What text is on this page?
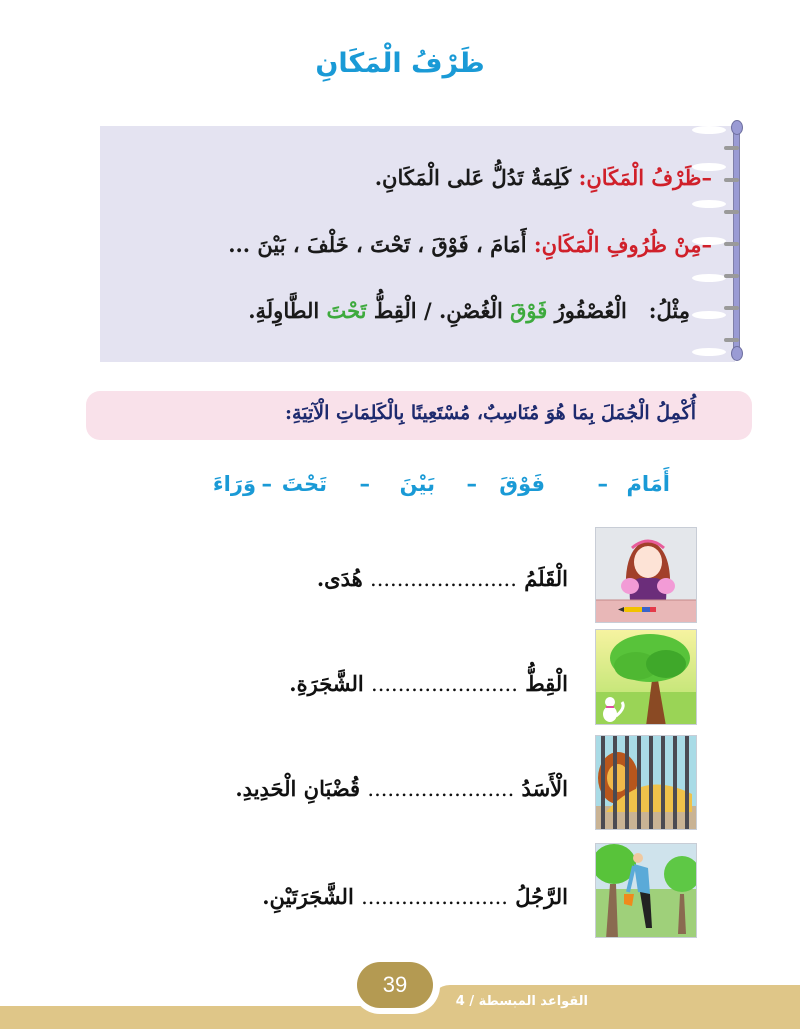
ظَرْفُ الْمَكَانِ
–ظَرْفُ الْمَكَانِ: كَلِمَةٌ تَدُلُّ عَلى الْمَكَانِ.
–مِنْ ظُرُوفِ الْمَكَانِ: أَمَامَ ، فَوْقَ ، تَحْتَ ، خَلْفَ ، بَيْنَ ...
مِثْلُ:   الْعُصْفُورُ فَوْقَ الْغُصْنِ. / الْقِطُّ تَحْتَ الطَّاوِلَةِ.
أُكْمِلُ الْجُمَلَ بِمَا هُوَ مُنَاسِبٌ، مُسْتَعِينًا بِالْكَلِمَاتِ الْآتِيَةِ:
أَمَامَ
–
فَوْقَ
–
بَيْنَ
–
تَحْتَ
–
وَرَاءَ
الْقَلَمُ ...................... هُدَى.
الْقِطُّ ...................... الشَّجَرَةِ.
الْأَسَدُ ...................... قُضْبَانِ الْحَدِيدِ.
الرَّجُلُ ...................... الشَّجَرَتَيْنِ.
39
القواعد المبسطة / 4
